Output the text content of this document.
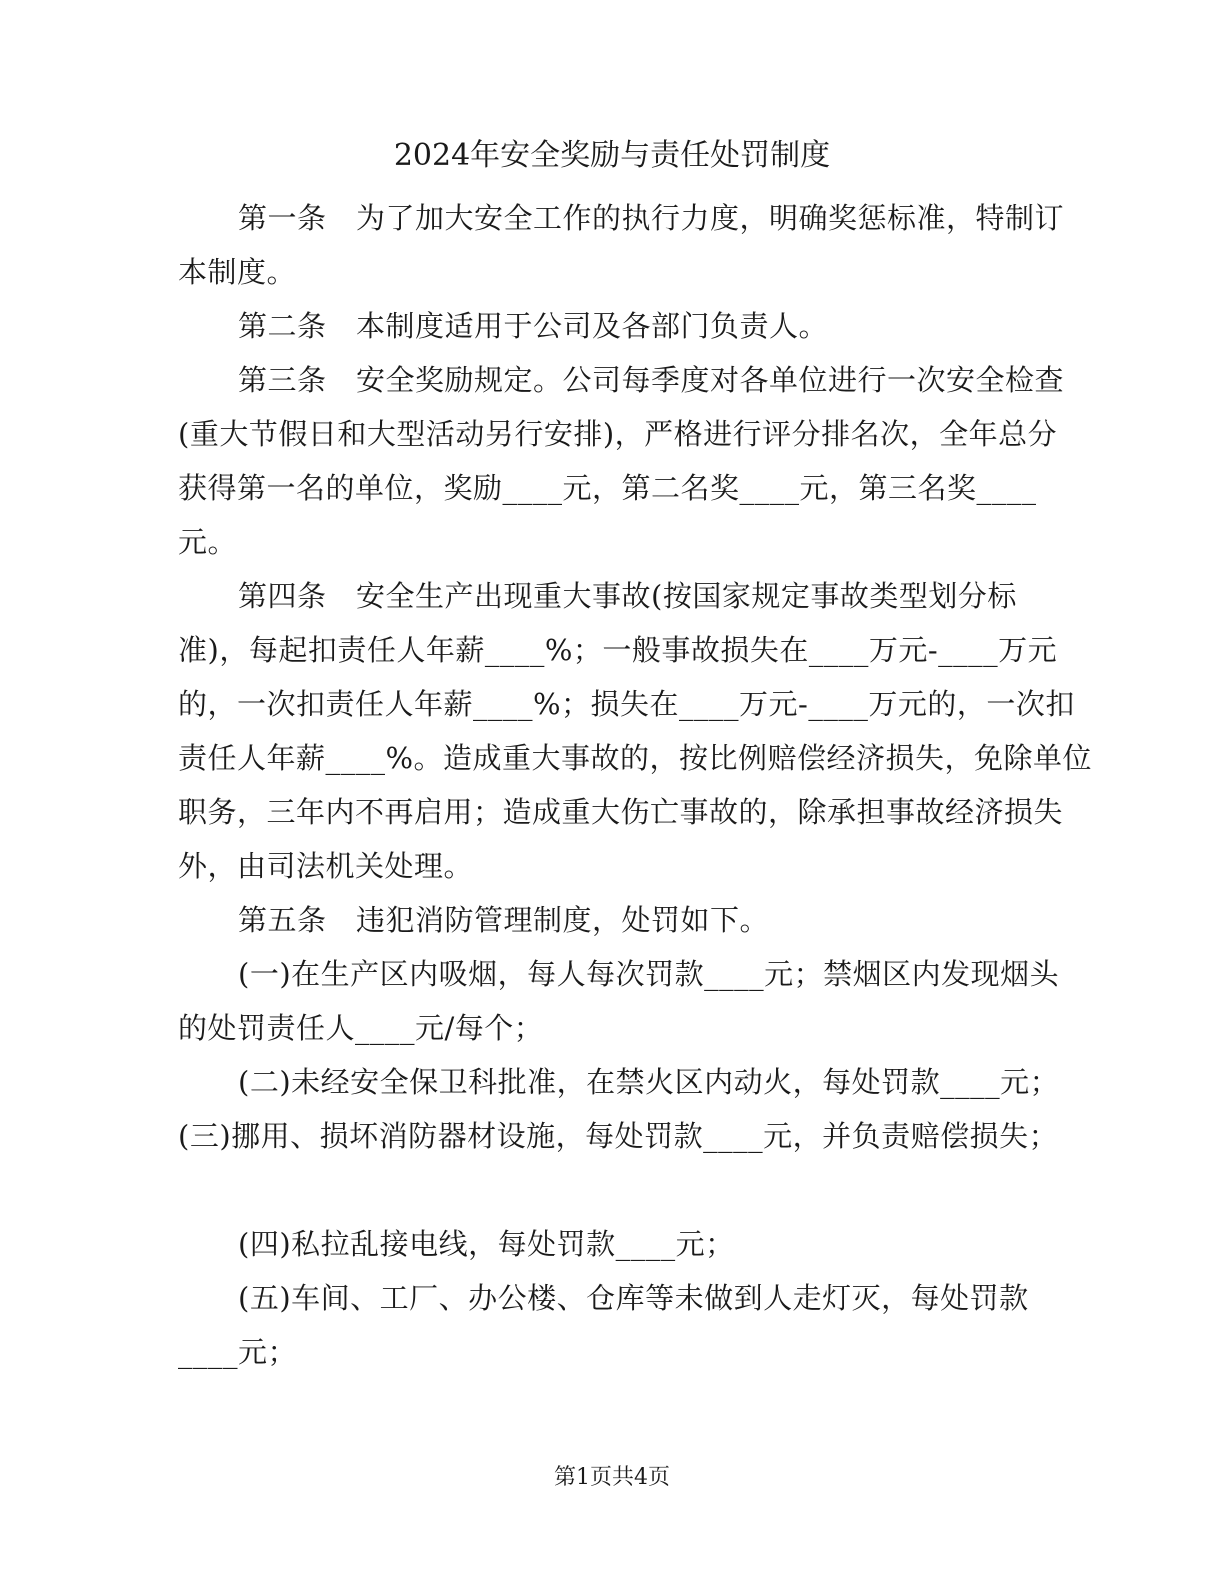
2024年安全奖励与责任处罚制度

第一条　为了加大安全工作的执行力度，明确奖惩标准，特制订

本制度。

第二条　本制度适用于公司及各部门负责人。

第三条　安全奖励规定。公司每季度对各单位进行一次安全检查

(重大节假日和大型活动另行安排)，严格进行评分排名次，全年总分

获得第一名的单位，奖励____元，第二名奖____元，第三名奖____

元。

第四条　安全生产出现重大事故(按国家规定事故类型划分标

准)，每起扣责任人年薪____%；一般事故损失在____万元-____万元

的，一次扣责任人年薪____%；损失在____万元-____万元的，一次扣

责任人年薪____%。造成重大事故的，按比例赔偿经济损失，免除单位

职务，三年内不再启用；造成重大伤亡事故的，除承担事故经济损失

外，由司法机关处理。

第五条　违犯消防管理制度，处罚如下。

(一)在生产区内吸烟，每人每次罚款____元；禁烟区内发现烟头

的处罚责任人____元/每个；

(二)未经安全保卫科批准，在禁火区内动火，每处罚款____元；

(三)挪用、损坏消防器材设施，每处罚款____元，并负责赔偿损失；

(四)私拉乱接电线，每处罚款____元；

(五)车间、工厂、办公楼、仓库等未做到人走灯灭，每处罚款

____元；

第1页共4页
